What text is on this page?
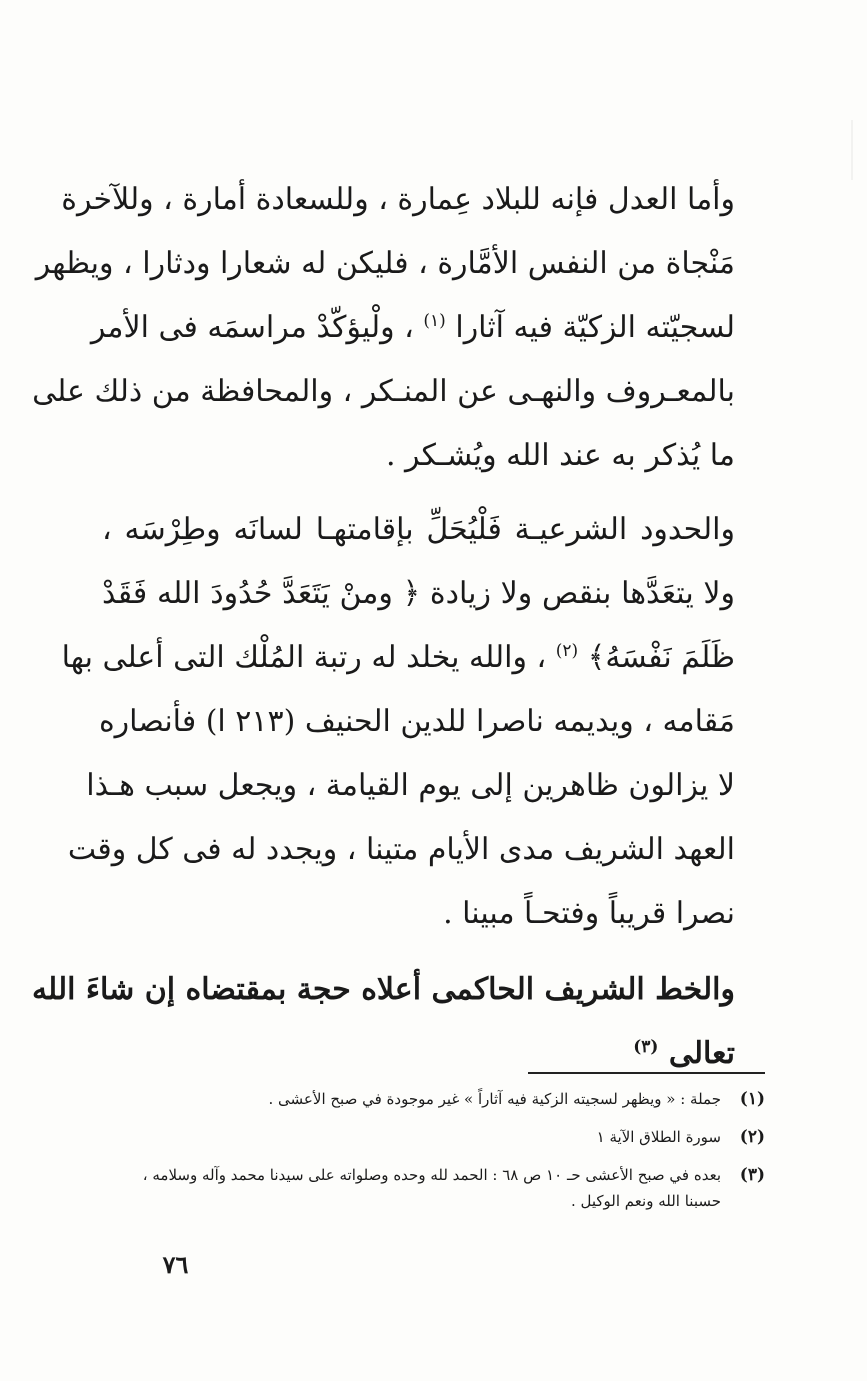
وأما العدل فإنه للبلاد عِمارة ، وللسعادة أمارة ، وللآخرة
مَنْجاة من النفس الأمَّارة ، فليكن له شعارا ودثارا ، ويظهر
لسجيّته الزكيّة فيه آثارا $^{(١)}$ ، ولْيؤكّدْ مراسمَه فى الأمر
بالمعـروف والنهـى عن المنـكر ، والمحافظة من ذلك على
ما يُذكر به عند الله ويُشـكر .

والحدود الشرعيـة فَلْيُحَلِّ بإقامتهـا لسانَه وطِرْسَه ،
ولا يتعَدَّها بنقص ولا زيادة ﴿ ومنْ يَتَعَدَّ حُدُودَ الله فَقَدْ
ظَلَمَ نَفْسَهُ﴾ $^{(٢)}$ ، والله يخلد له رتبة المُلْك التى أعلى بها
مَقامه ، ويديمه ناصرا للدين الحنيف (٢١٣ ا) فأنصاره
لا يزالون ظاهرين إلى يوم القيامة ، ويجعل سبب هـذا
العهد الشريف مدى الأيام متينا ، ويجدد له فى كل وقت
نصرا قريباً وفتحـاً مبينا .

والخط الشريف الحاكمى أعلاه حجة بمقتضاه إن شاءَ الله
تعالى $^{(٣)}$

(١)
جملة : « ويظهر لسجيته الزكية فيه آثاراً » غير موجودة في صبح الأعشى .
(٢)
سورة الطلاق الآية ١
(٣)
بعده في صبح الأعشى حـ ١٠ ص ٦٨ : الحمد لله وحده وصلواته على سيدنا محمد وآله وسلامه ، حسبنا الله ونعم الوكيل .
٧٦
